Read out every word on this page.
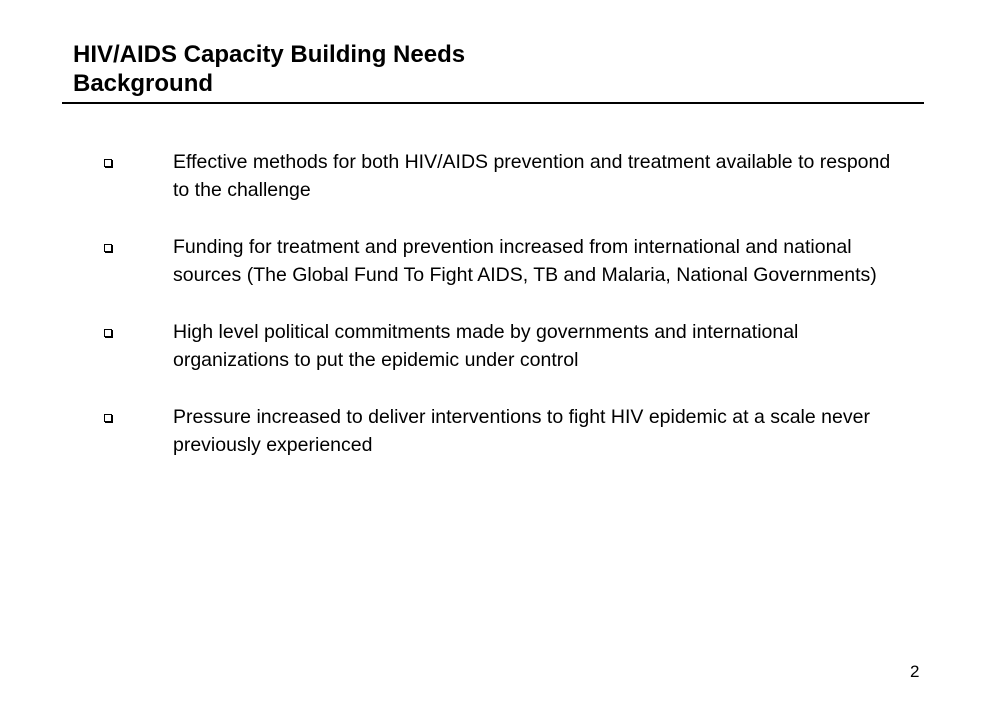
HIV/AIDS Capacity Building Needs
Background
Effective methods for both HIV/AIDS prevention and treatment available to respond to the challenge
Funding for treatment and prevention increased from international and national sources (The Global Fund To Fight AIDS, TB and Malaria, National Governments)
High level political commitments made by governments and international organizations to put the epidemic under control
Pressure increased to deliver interventions to fight HIV epidemic at a scale never previously experienced
2
